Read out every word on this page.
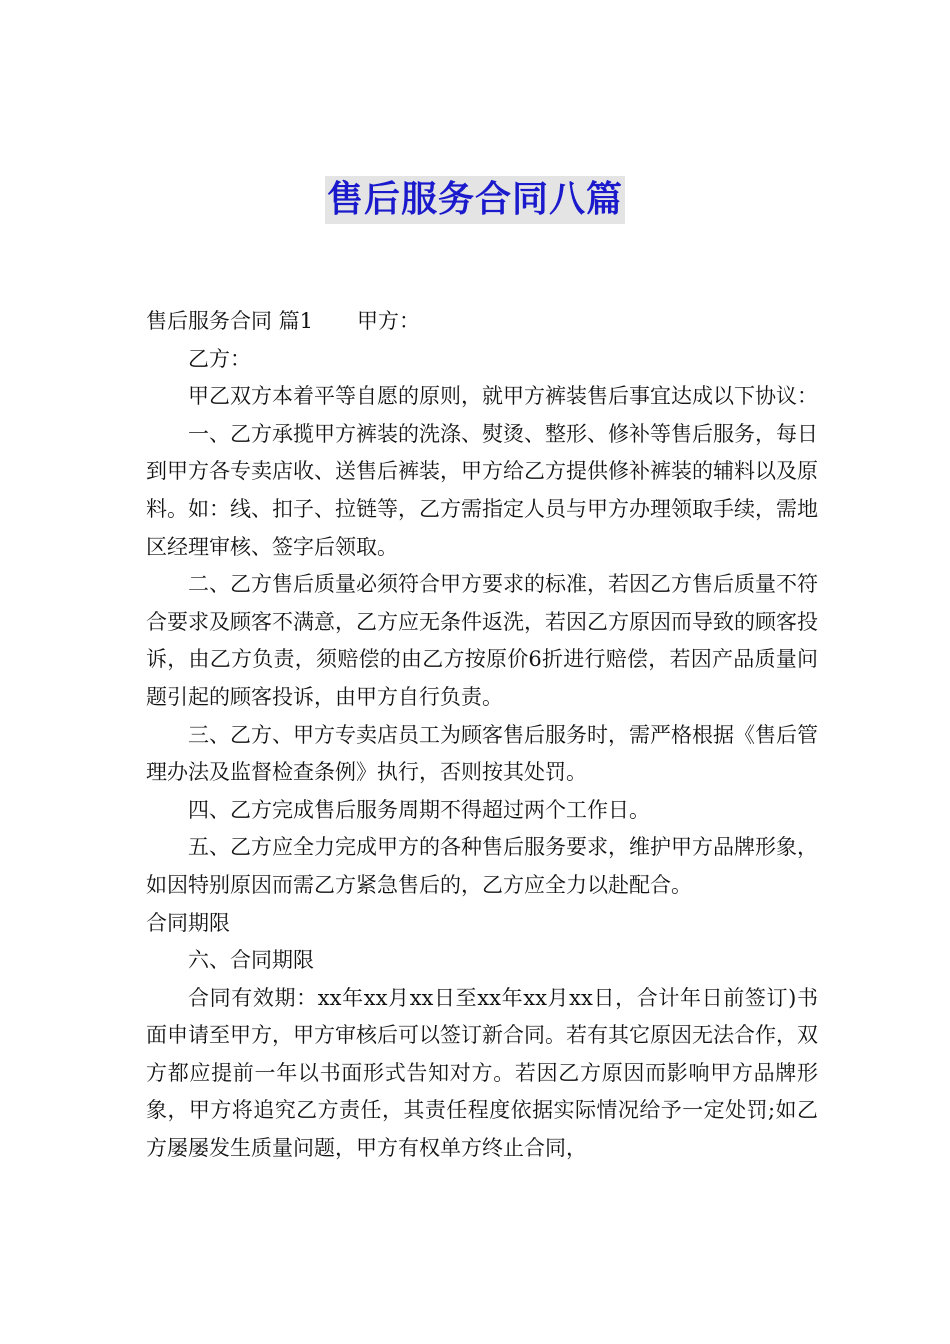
售后服务合同八篇

售后服务合同 篇1 甲方：

乙方：

甲乙双方本着平等自愿的原则，就甲方裤装售后事宜达成以下协议：

一、乙方承揽甲方裤装的洗涤、熨烫、整形、修补等售后服务，每日到甲方各专卖店收、送售后裤装，甲方给乙方提供修补裤装的辅料以及原料。如：线、扣子、拉链等，乙方需指定人员与甲方办理领取手续，需地区经理审核、签字后领取。

二、乙方售后质量必须符合甲方要求的标准，若因乙方售后质量不符合要求及顾客不满意，乙方应无条件返洗，若因乙方原因而导致的顾客投诉，由乙方负责，须赔偿的由乙方按原价6折进行赔偿，若因产品质量问题引起的顾客投诉，由甲方自行负责。

三、乙方、甲方专卖店员工为顾客售后服务时，需严格根据《售后管理办法及监督检查条例》执行，否则按其处罚。

四、乙方完成售后服务周期不得超过两个工作日。

五、乙方应全力完成甲方的各种售后服务要求，维护甲方品牌形象，如因特别原因而需乙方紧急售后的，乙方应全力以赴配合。

合同期限

六、合同期限

合同有效期：xx年xx月xx日至xx年xx月xx日，合计年日前签订)书面申请至甲方，甲方审核后可以签订新合同。若有其它原因无法合作，双方都应提前一年以书面形式告知对方。若因乙方原因而影响甲方品牌形象，甲方将追究乙方责任，其责任程度依据实际情况给予一定处罚;如乙方屡屡发生质量问题，甲方有权单方终止合同，
